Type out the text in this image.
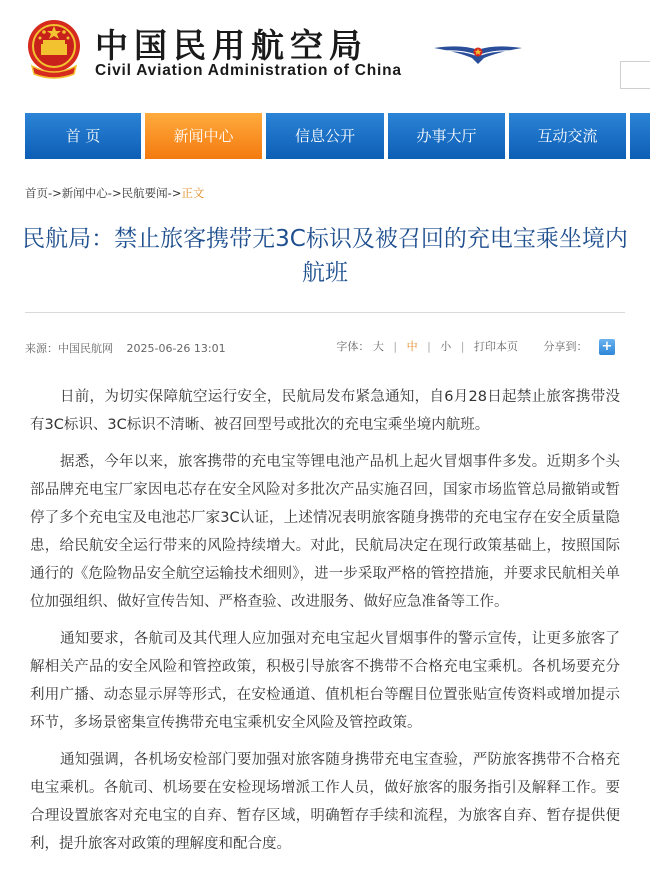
中国民用航空局
Civil Aviation Administration of China
首 页	新闻中心	信息公开	办事大厅	互动交流
首页->新闻中心->民航要闻->正文
民航局：禁止旅客携带无3C标识及被召回的充电宝乘坐境内航班
来源：中国民航网 2025-06-26 13:01	字体： 大 | 中 | 小 | 打印本页 分享到： +

日前，为切实保障航空运行安全，民航局发布紧急通知，自6月28日起禁止旅客携带没有3C标识、3C标识不清晰、被召回型号或批次的充电宝乘坐境内航班。

据悉，今年以来，旅客携带的充电宝等锂电池产品机上起火冒烟事件多发。近期多个头部品牌充电宝厂家因电芯存在安全风险对多批次产品实施召回，国家市场监管总局撤销或暂停了多个充电宝及电池芯厂家3C认证，上述情况表明旅客随身携带的充电宝存在安全质量隐患，给民航安全运行带来的风险持续增大。对此，民航局决定在现行政策基础上，按照国际通行的《危险物品安全航空运输技术细则》，进一步采取严格的管控措施，并要求民航相关单位加强组织、做好宣传告知、严格查验、改进服务、做好应急准备等工作。

通知要求，各航司及其代理人应加强对充电宝起火冒烟事件的警示宣传，让更多旅客了解相关产品的安全风险和管控政策，积极引导旅客不携带不合格充电宝乘机。各机场要充分利用广播、动态显示屏等形式，在安检通道、值机柜台等醒目位置张贴宣传资料或增加提示环节，多场景密集宣传携带充电宝乘机安全风险及管控政策。

通知强调，各机场安检部门要加强对旅客随身携带充电宝查验，严防旅客携带不合格充电宝乘机。各航司、机场要在安检现场增派工作人员，做好旅客的服务指引及解释工作。要合理设置旅客对充电宝的自弃、暂存区域，明确暂存手续和流程，为旅客自弃、暂存提供便利，提升旅客对政策的理解度和配合度。
